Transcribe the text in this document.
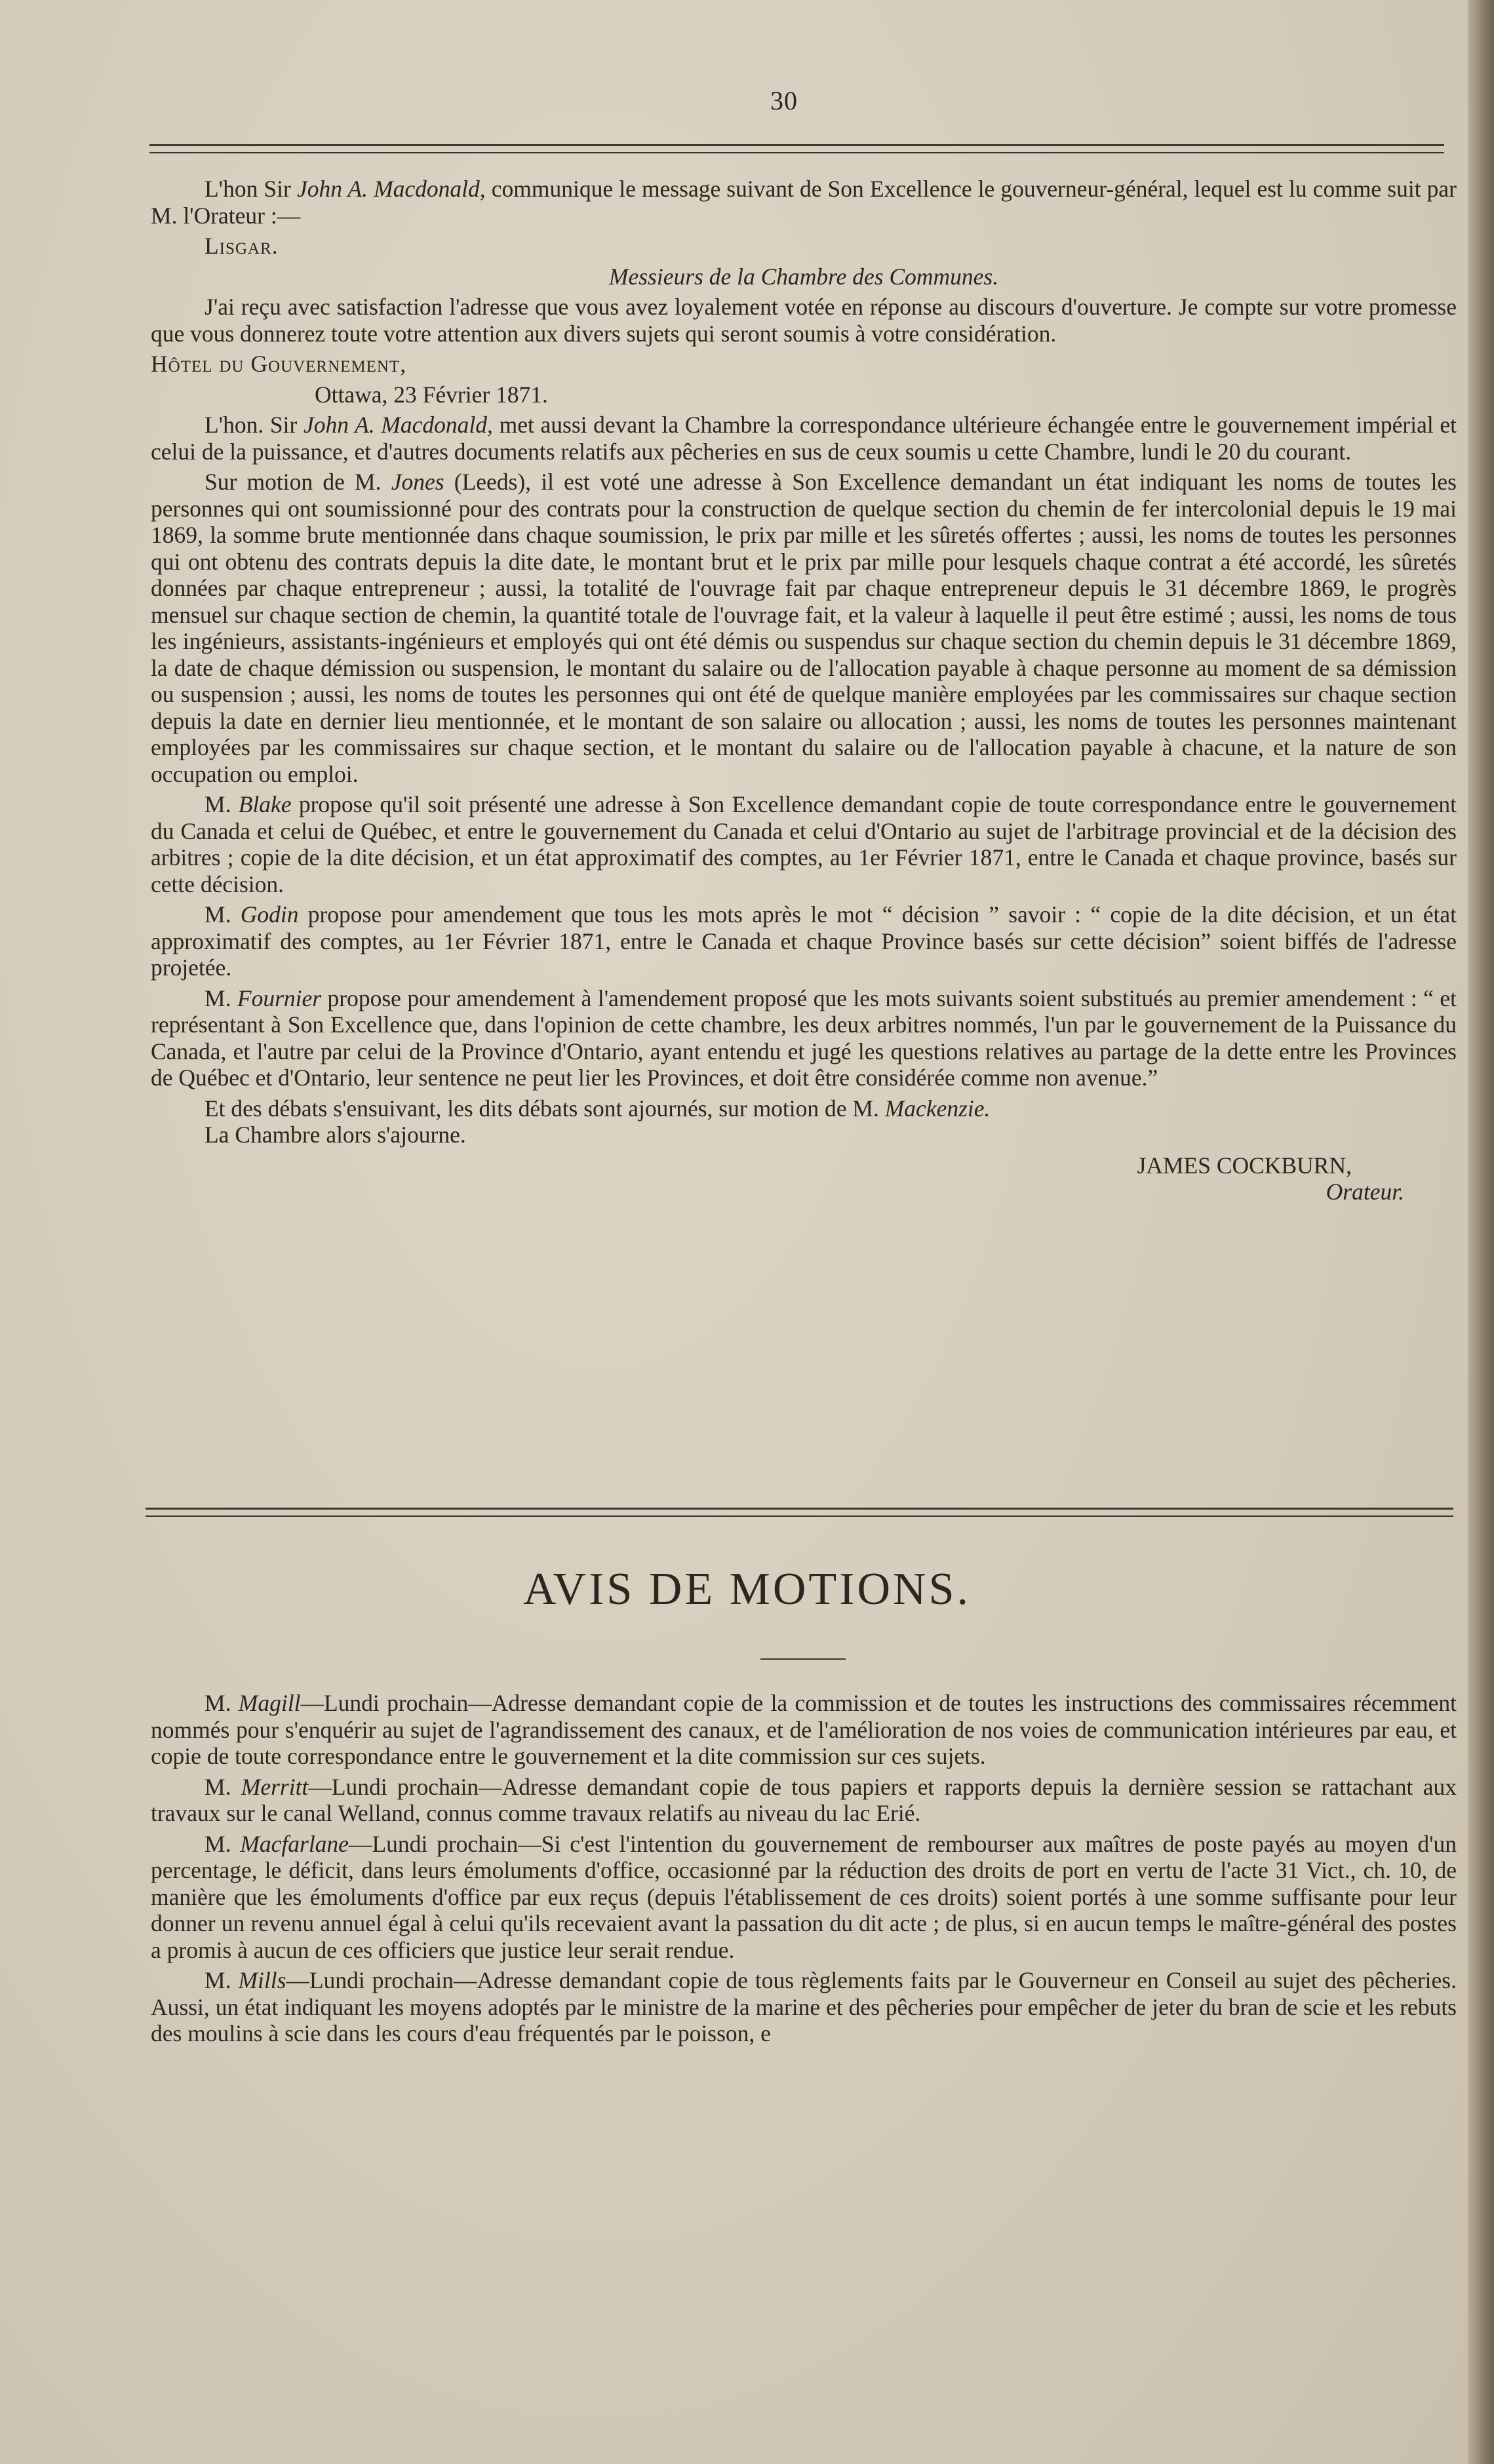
30

L'hon Sir John A. Macdonald, communique le message suivant de Son Excellence le gouverneur-général, lequel est lu comme suit par M. l'Orateur :—

Lisgar.

Messieurs de la Chambre des Communes.

J'ai reçu avec satisfaction l'adresse que vous avez loyalement votée en réponse au discours d'ouverture. Je compte sur votre promesse que vous donnerez toute votre attention aux divers sujets qui seront soumis à votre considération.

Hôtel du Gouvernement,

Ottawa, 23 Février 1871.

L'hon. Sir John A. Macdonald, met aussi devant la Chambre la correspondance ultérieure échangée entre le gouvernement impérial et celui de la puissance, et d'autres documents relatifs aux pêcheries en sus de ceux soumis u cette Chambre, lundi le 20 du courant.

Sur motion de M. Jones (Leeds), il est voté une adresse à Son Excellence demandant un état indiquant les noms de toutes les personnes qui ont soumissionné pour des contrats pour la construction de quelque section du chemin de fer intercolonial depuis le 19 mai 1869, la somme brute mentionnée dans chaque soumission, le prix par mille et les sûretés offertes ; aussi, les noms de toutes les personnes qui ont obtenu des contrats depuis la dite date, le montant brut et le prix par mille pour lesquels chaque contrat a été accordé, les sûretés données par chaque entrepreneur ; aussi, la totalité de l'ouvrage fait par chaque entrepreneur depuis le 31 décembre 1869, le progrès mensuel sur chaque section de chemin, la quantité totale de l'ouvrage fait, et la valeur à laquelle il peut être estimé ; aussi, les noms de tous les ingénieurs, assistants-ingénieurs et employés qui ont été démis ou suspendus sur chaque section du chemin depuis le 31 décembre 1869, la date de chaque démission ou suspension, le montant du salaire ou de l'allocation payable à chaque personne au moment de sa démission ou suspension ; aussi, les noms de toutes les personnes qui ont été de quelque manière employées par les commissaires sur chaque section depuis la date en dernier lieu mentionnée, et le montant de son salaire ou allocation ; aussi, les noms de toutes les personnes maintenant employées par les commissaires sur chaque section, et le montant du salaire ou de l'allocation payable à chacune, et la nature de son occupation ou emploi.

M. Blake propose qu'il soit présenté une adresse à Son Excellence demandant copie de toute correspondance entre le gouvernement du Canada et celui de Québec, et entre le gouvernement du Canada et celui d'Ontario au sujet de l'arbitrage provincial et de la décision des arbitres ; copie de la dite décision, et un état approximatif des comptes, au 1er Février 1871, entre le Canada et chaque province, basés sur cette décision.

M. Godin propose pour amendement que tous les mots après le mot “ décision ” savoir : “ copie de la dite décision, et un état approximatif des comptes, au 1er Février 1871, entre le Canada et chaque Province basés sur cette décision” soient biffés de l'adresse projetée.

M. Fournier propose pour amendement à l'amendement proposé que les mots suivants soient substitués au premier amendement : “ et représentant à Son Excellence que, dans l'opinion de cette chambre, les deux arbitres nommés, l'un par le gouvernement de la Puissance du Canada, et l'autre par celui de la Province d'Ontario, ayant entendu et jugé les questions relatives au partage de la dette entre les Provinces de Québec et d'Ontario, leur sentence ne peut lier les Provinces, et doit être considérée comme non avenue.”

Et des débats s'ensuivant, les dits débats sont ajournés, sur motion de M. Mackenzie.

La Chambre alors s'ajourne.

JAMES COCKBURN,

Orateur.

AVIS DE MOTIONS.

M. Magill—Lundi prochain—Adresse demandant copie de la commission et de toutes les instructions des commissaires récemment nommés pour s'enquérir au sujet de l'agrandissement des canaux, et de l'amélioration de nos voies de communication intérieures par eau, et copie de toute correspondance entre le gouvernement et la dite commission sur ces sujets.

M. Merritt—Lundi prochain—Adresse demandant copie de tous papiers et rapports depuis la dernière session se rattachant aux travaux sur le canal Welland, connus comme travaux relatifs au niveau du lac Erié.

M. Macfarlane—Lundi prochain—Si c'est l'intention du gouvernement de rembourser aux maîtres de poste payés au moyen d'un percentage, le déficit, dans leurs émoluments d'office, occasionné par la réduction des droits de port en vertu de l'acte 31 Vict., ch. 10, de manière que les émoluments d'office par eux reçus (depuis l'établissement de ces droits) soient portés à une somme suffisante pour leur donner un revenu annuel égal à celui qu'ils recevaient avant la passation du dit acte ; de plus, si en aucun temps le maître-général des postes a promis à aucun de ces officiers que justice leur serait rendue.

M. Mills—Lundi prochain—Adresse demandant copie de tous règlements faits par le Gouverneur en Conseil au sujet des pêcheries. Aussi, un état indiquant les moyens adoptés par le ministre de la marine et des pêcheries pour empêcher de jeter du bran de scie et les rebuts des moulins à scie dans les cours d'eau fréquentés par le poisson, e
